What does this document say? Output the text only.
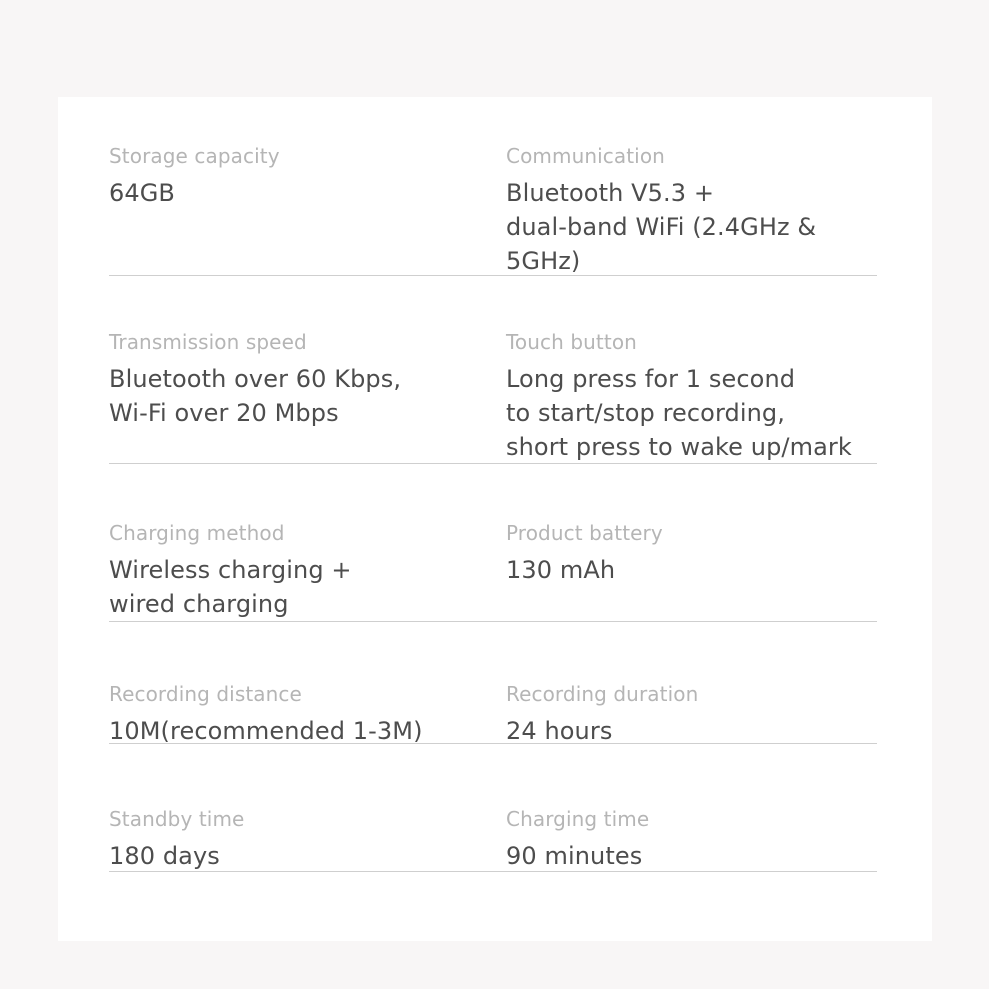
Storage capacity
64GB
Communication
Bluetooth V5.3 +
dual-band WiFi (2.4GHz &
5GHz)
Transmission speed
Bluetooth over 60 Kbps,
Wi-Fi over 20 Mbps
Touch button
Long press for 1 second
to start/stop recording,
short press to wake up/mark
Charging method
Wireless charging +
wired charging
Product battery
130 mAh
Recording distance
10M(recommended 1-3M)
Recording duration
24 hours
Standby time
180 days
Charging time
90 minutes
